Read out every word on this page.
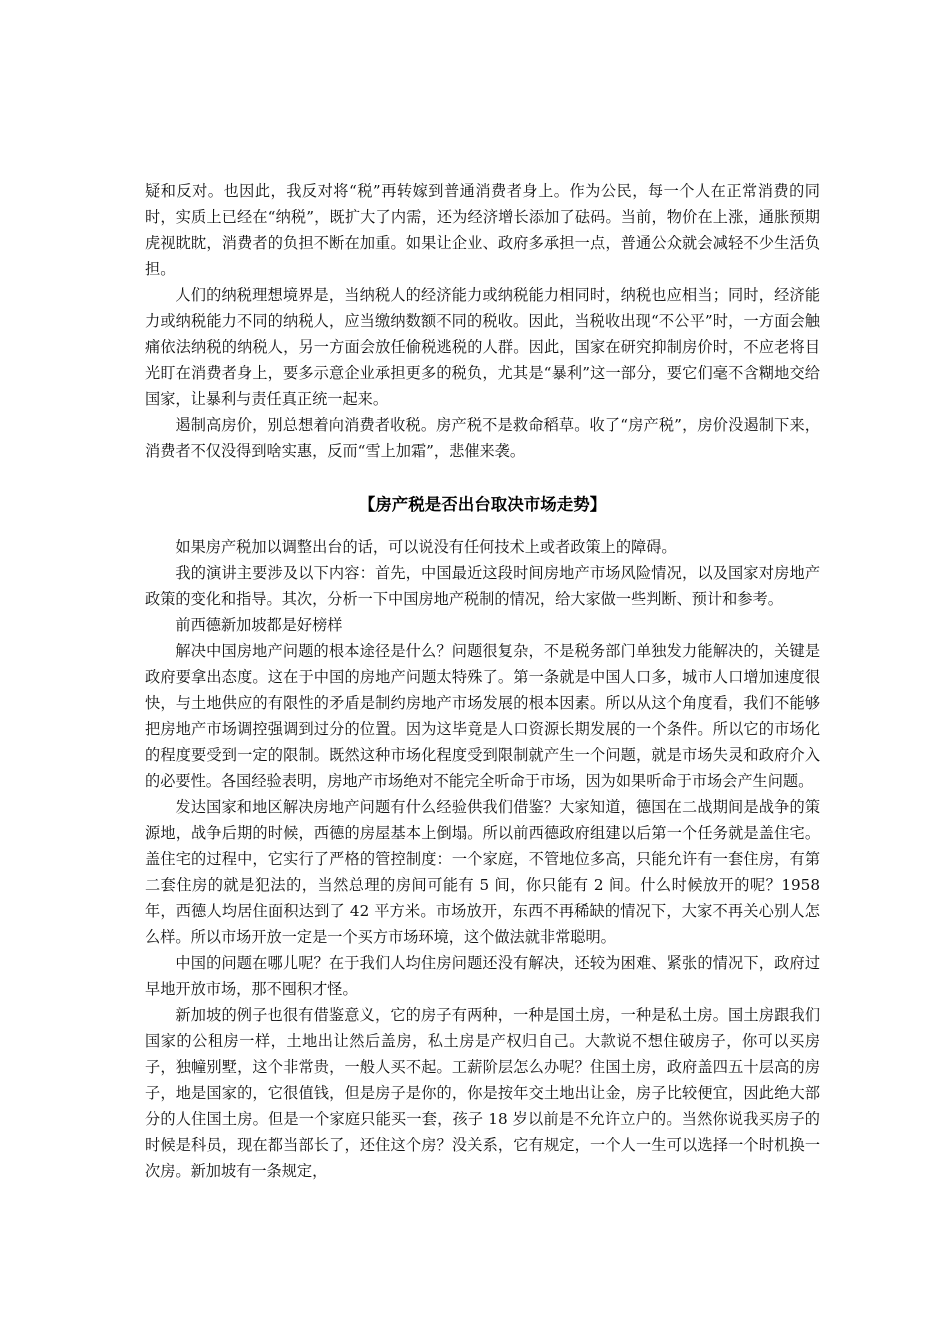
疑和反对。也因此，我反对将“税”再转嫁到普通消费者身上。作为公民，每一个人在正常消费的同时，实质上已经在“纳税”，既扩大了内需，还为经济增长添加了砝码。当前，物价在上涨，通胀预期虎视眈眈，消费者的负担不断在加重。如果让企业、政府多承担一点，普通公众就会减轻不少生活负担。

人们的纳税理想境界是，当纳税人的经济能力或纳税能力相同时，纳税也应相当；同时，经济能力或纳税能力不同的纳税人，应当缴纳数额不同的税收。因此，当税收出现“不公平”时，一方面会触痛依法纳税的纳税人，另一方面会放任偷税逃税的人群。因此，国家在研究抑制房价时，不应老将目光盯在消费者身上，要多示意企业承担更多的税负，尤其是“暴利”这一部分，要它们毫不含糊地交给国家，让暴利与责任真正统一起来。

遏制高房价，别总想着向消费者收税。房产税不是救命稻草。收了“房产税”，房价没遏制下来，消费者不仅没得到啥实惠，反而“雪上加霜”，悲催来袭。

【房产税是否出台取决市场走势】

如果房产税加以调整出台的话，可以说没有任何技术上或者政策上的障碍。

我的演讲主要涉及以下内容：首先，中国最近这段时间房地产市场风险情况，以及国家对房地产政策的变化和指导。其次，分析一下中国房地产税制的情况，给大家做一些判断、预计和参考。

前西德新加坡都是好榜样

解决中国房地产问题的根本途径是什么？问题很复杂，不是税务部门单独发力能解决的，关键是政府要拿出态度。这在于中国的房地产问题太特殊了。第一条就是中国人口多，城市人口增加速度很快，与土地供应的有限性的矛盾是制约房地产市场发展的根本因素。所以从这个角度看，我们不能够把房地产市场调控强调到过分的位置。因为这毕竟是人口资源长期发展的一个条件。所以它的市场化的程度要受到一定的限制。既然这种市场化程度受到限制就产生一个问题，就是市场失灵和政府介入的必要性。各国经验表明，房地产市场绝对不能完全听命于市场，因为如果听命于市场会产生问题。

发达国家和地区解决房地产问题有什么经验供我们借鉴？大家知道，德国在二战期间是战争的策源地，战争后期的时候，西德的房屋基本上倒塌。所以前西德政府组建以后第一个任务就是盖住宅。盖住宅的过程中，它实行了严格的管控制度：一个家庭，不管地位多高，只能允许有一套住房，有第二套住房的就是犯法的，当然总理的房间可能有 5 间，你只能有 2 间。什么时候放开的呢？1958 年，西德人均居住面积达到了 42 平方米。市场放开，东西不再稀缺的情况下，大家不再关心别人怎么样。所以市场开放一定是一个买方市场环境，这个做法就非常聪明。

中国的问题在哪儿呢？在于我们人均住房问题还没有解决，还较为困难、紧张的情况下，政府过早地开放市场，那不囤积才怪。

新加坡的例子也很有借鉴意义，它的房子有两种，一种是国土房，一种是私土房。国土房跟我们国家的公租房一样，土地出让然后盖房，私土房是产权归自己。大款说不想住破房子，你可以买房子，独幢别墅，这个非常贵，一般人买不起。工薪阶层怎么办呢？住国土房，政府盖四五十层高的房子，地是国家的，它很值钱，但是房子是你的，你是按年交土地出让金，房子比较便宜，因此绝大部分的人住国土房。但是一个家庭只能买一套，孩子 18 岁以前是不允许立户的。当然你说我买房子的时候是科员，现在都当部长了，还住这个房？没关系，它有规定，一个人一生可以选择一个时机换一次房。新加坡有一条规定，
